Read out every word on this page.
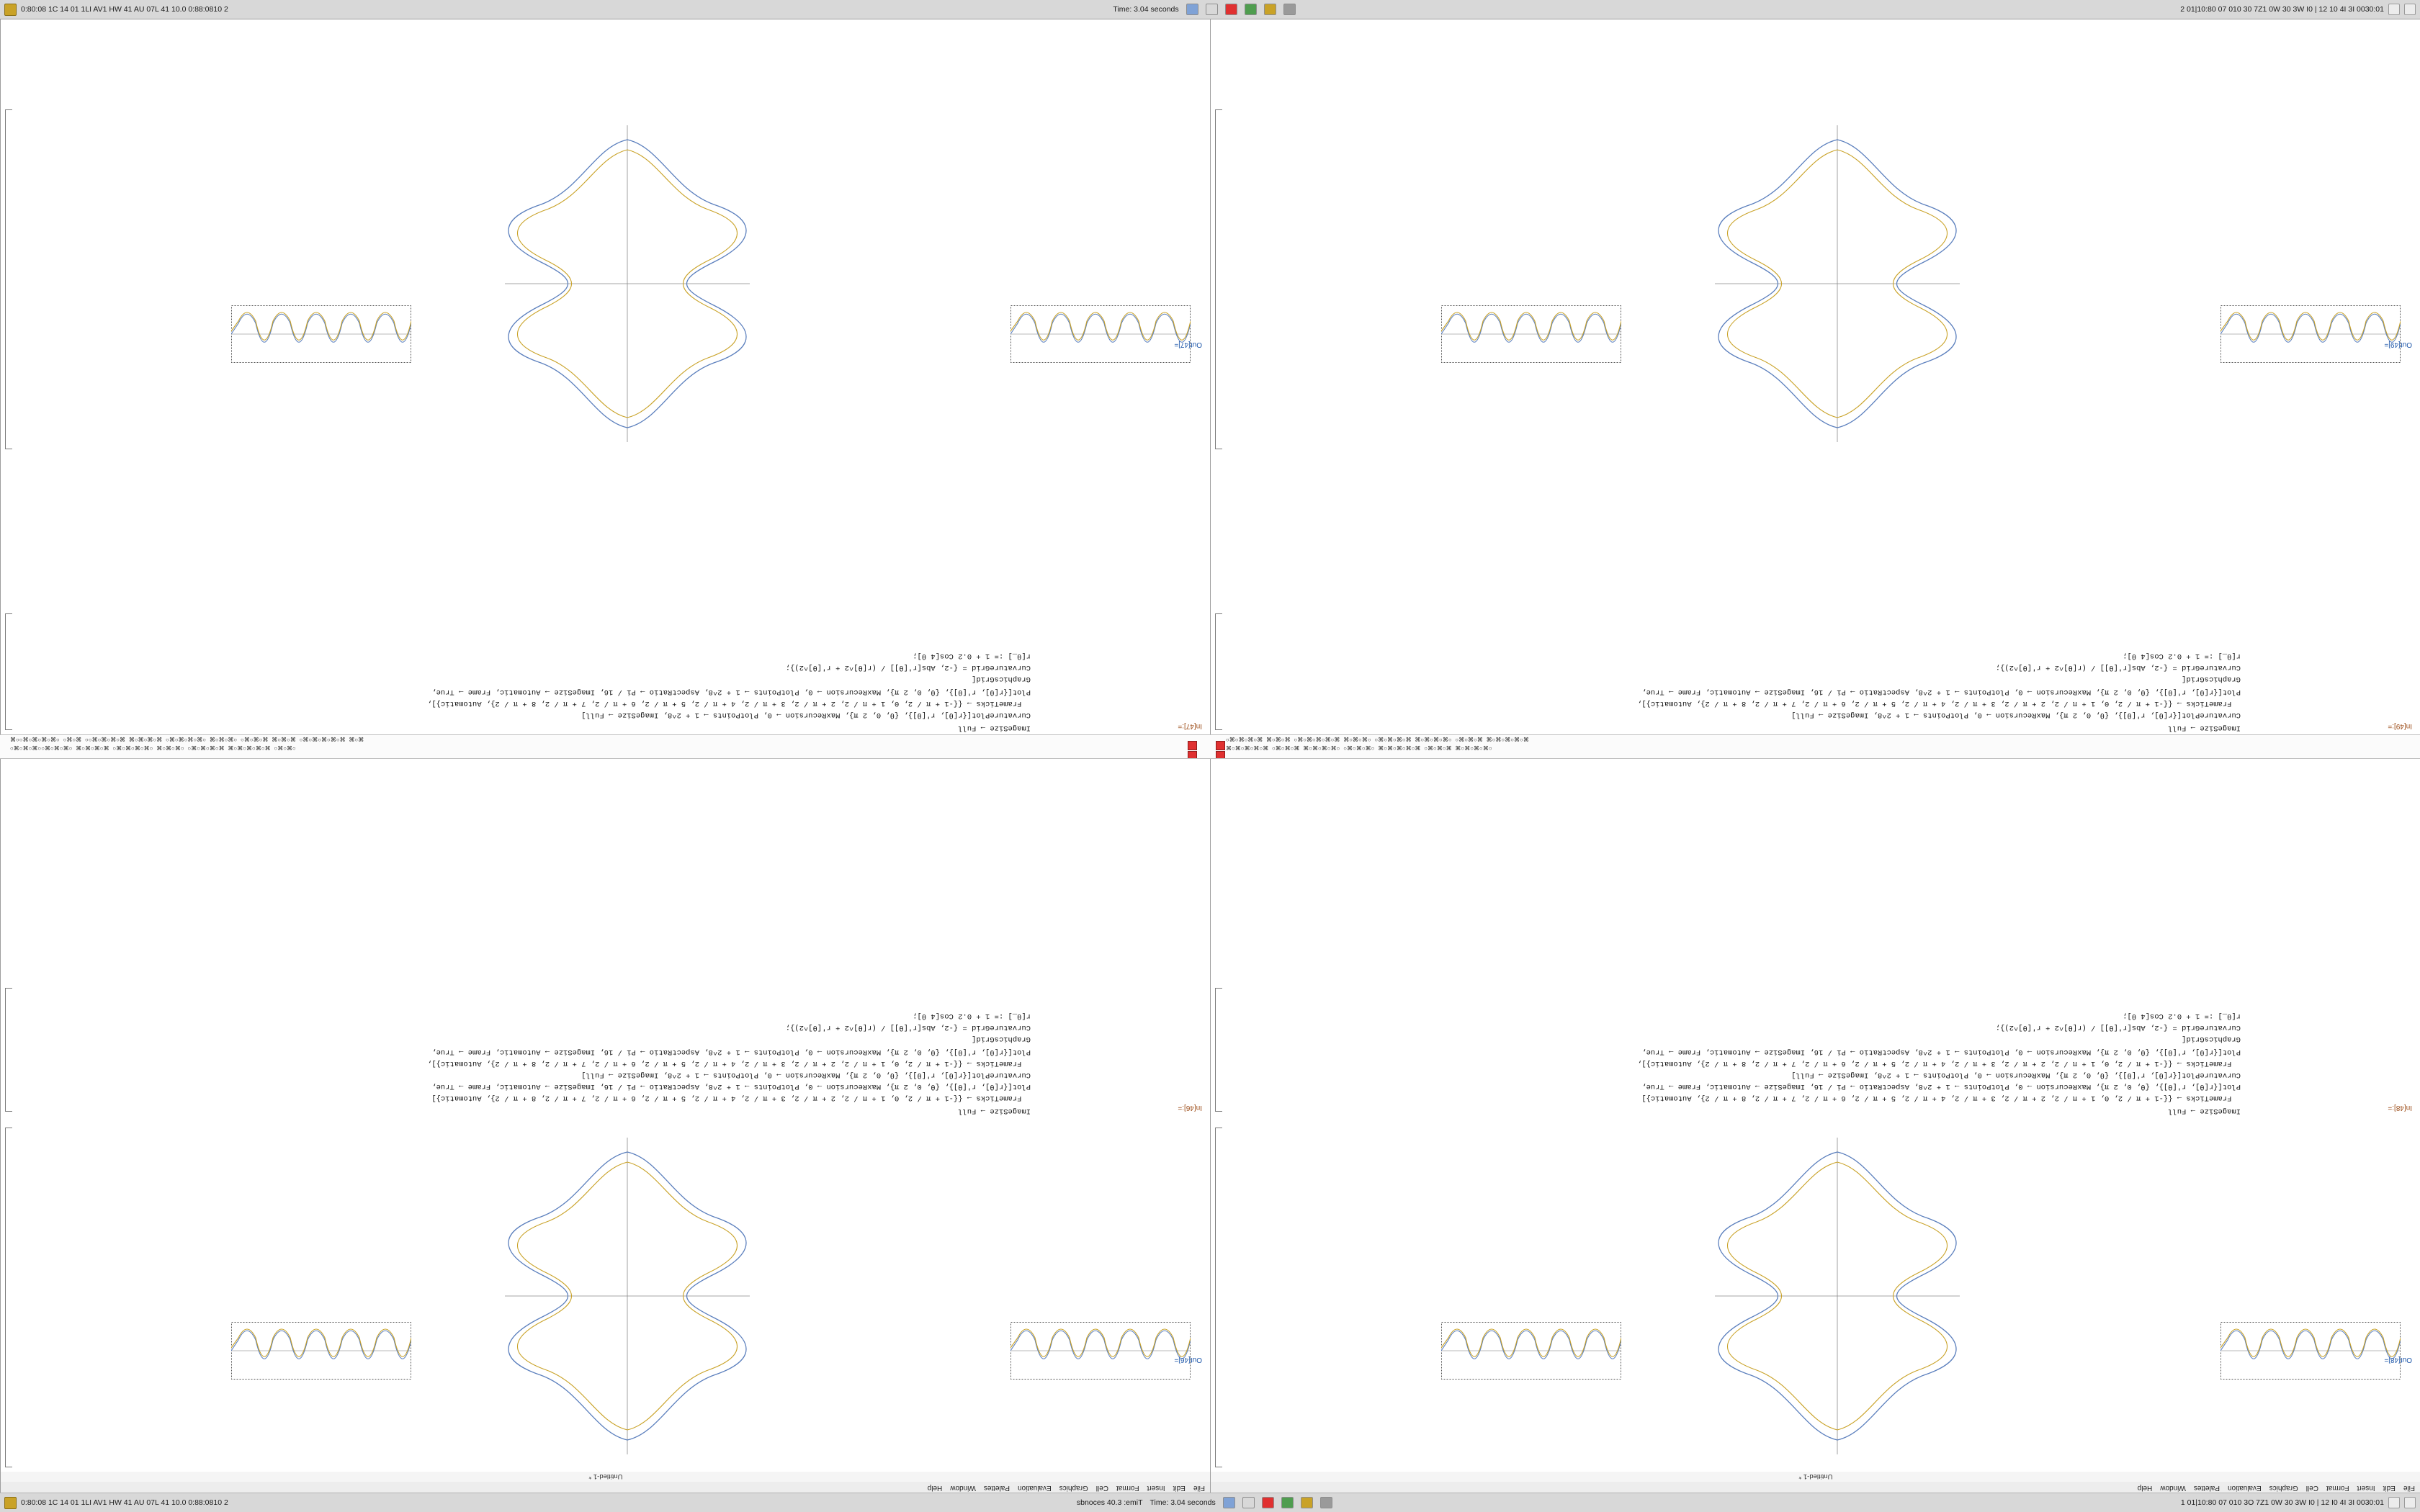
0:80:08 1C 14 01 1LI AV1 HW 41 AU 07L 41 10.0 0:88:0810 2	Time: 3.04 seconds	2 01|10:80 07 010 30 7Z1 0W 30 3W I0 | 12 10 4I 3I 0030:01
File
Edit
Insert
Format
Cell
Graphics
Evaluation
Palettes
Window
Help
Untitled-1 *
Out[46]=
In[46]:=
ImageSize → Full
FrameTicks → {{-1 + π / 2, 0, 1 + π / 2, 2 + π / 2, 3 + π / 2, 4 + π / 2, 5 + π / 2, 6 + π / 2, 7 + π / 2, 8 + π / 2}, Automatic}]
Plot[{r[θ], r'[θ]}, {θ, 0, 2 π}, MaxRecursion → 0, PlotPoints → 1 + 2^8, AspectRatio → Pi / 16, ImageSize → Automatic, Frame → True,
CurvaturePlot[{r[θ], r'[θ]}, {θ, 0, 2 π}, MaxRecursion → 0, PlotPoints → 1 + 2^8, ImageSize → Full]
FrameTicks → {{-1 + π / 2, 0, 1 + π / 2, 2 + π / 2, 3 + π / 2, 4 + π / 2, 5 + π / 2, 6 + π / 2, 7 + π / 2, 8 + π / 2}, Automatic}],
Plot[{r[θ], r'[θ]}, {θ, 0, 2 π}, MaxRecursion → 0, PlotPoints → 1 + 2^8, AspectRatio → Pi / 16, ImageSize → Automatic, Frame → True,
GraphicsGrid[
CurvatureGrid = {-2, Abs[r'[θ]] / (r[θ]^2 + r'[θ]^2)};
r[θ_] := 1 + 0.2 Cos[4 θ];
In[47]:=
ImageSize → Full
CurvaturePlot[{r[θ], r'[θ]}, {θ, 0, 2 π}, MaxRecursion → 0, PlotPoints → 1 + 2^8, ImageSize → Full]
FrameTicks → {{-1 + π / 2, 0, 1 + π / 2, 2 + π / 2, 3 + π / 2, 4 + π / 2, 5 + π / 2, 6 + π / 2, 7 + π / 2, 8 + π / 2}, Automatic}],
Plot[{r[θ], r'[θ]}, {θ, 0, 2 π}, MaxRecursion → 0, PlotPoints → 1 + 2^8, AspectRatio → Pi / 16, ImageSize → Automatic, Frame → True,
GraphicsGrid[
CurvatureGrid = {-2, Abs[r'[θ]] / (r[θ]^2 + r'[θ]^2)};
r[θ_] := 1 + 0.2 Cos[4 θ];
Out[47]=
File
Edit
Insert
Format
Cell
Graphics
Evaluation
Palettes
Window
Help
Untitled-1 *
Out[48]=
In[48]:=
ImageSize → Full
FrameTicks → {{-1 + π / 2, 0, 1 + π / 2, 2 + π / 2, 3 + π / 2, 4 + π / 2, 5 + π / 2, 6 + π / 2, 7 + π / 2, 8 + π / 2}, Automatic}]
Plot[{r[θ], r'[θ]}, {θ, 0, 2 π}, MaxRecursion → 0, PlotPoints → 1 + 2^8, AspectRatio → Pi / 16, ImageSize → Automatic, Frame → True,
CurvaturePlot[{r[θ], r'[θ]}, {θ, 0, 2 π}, MaxRecursion → 0, PlotPoints → 1 + 2^8, ImageSize → Full]
FrameTicks → {{-1 + π / 2, 0, 1 + π / 2, 2 + π / 2, 3 + π / 2, 4 + π / 2, 5 + π / 2, 6 + π / 2, 7 + π / 2, 8 + π / 2}, Automatic}],
Plot[{r[θ], r'[θ]}, {θ, 0, 2 π}, MaxRecursion → 0, PlotPoints → 1 + 2^8, AspectRatio → Pi / 16, ImageSize → Automatic, Frame → True,
GraphicsGrid[
CurvatureGrid = {-2, Abs[r'[θ]] / (r[θ]^2 + r'[θ]^2)};
r[θ_] := 1 + 0.2 Cos[4 θ];
In[49]:=
ImageSize → Full
CurvaturePlot[{r[θ], r'[θ]}, {θ, 0, 2 π}, MaxRecursion → 0, PlotPoints → 1 + 2^8, ImageSize → Full]
FrameTicks → {{-1 + π / 2, 0, 1 + π / 2, 2 + π / 2, 3 + π / 2, 4 + π / 2, 5 + π / 2, 6 + π / 2, 7 + π / 2, 8 + π / 2}, Automatic}],
Plot[{r[θ], r'[θ]}, {θ, 0, 2 π}, MaxRecursion → 0, PlotPoints → 1 + 2^8, AspectRatio → Pi / 16, ImageSize → Automatic, Frame → True,
GraphicsGrid[
CurvatureGrid = {-2, Abs[r'[θ]] / (r[θ]^2 + r'[θ]^2)};
r[θ_] := 1 + 0.2 Cos[4 θ];
Out[49]=
⌘○○⌘○⌘○⌘○⌘○ ○⌘○⌘ ○○⌘○⌘○⌘○⌘ ⌘○⌘○⌘○⌘ ○⌘○⌘○⌘○⌘○ ⌘○⌘○⌘○ ○⌘○⌘○⌘ ⌘○⌘○⌘ ○⌘○⌘○⌘○⌘○⌘ ⌘○⌘
○⌘○⌘○⌘○○⌘○⌘○⌘○ ⌘○⌘○⌘○⌘ ○⌘○⌘○⌘○⌘○ ⌘○⌘○⌘○ ○⌘○⌘○⌘○⌘ ⌘○⌘○⌘○⌘○⌘ ○⌘○⌘○
○⌘○⌘○⌘○⌘ ⌘○⌘○⌘ ○⌘○⌘○⌘○⌘○⌘ ⌘○⌘○⌘○ ○⌘○⌘○⌘○⌘ ⌘○⌘○⌘○⌘○ ○⌘○⌘○⌘ ⌘○⌘○⌘○⌘○⌘
⌘○⌘○⌘○⌘○⌘ ○⌘○⌘○⌘ ⌘○⌘○⌘○⌘○ ○⌘○⌘○⌘○ ⌘○⌘○⌘○⌘○⌘ ○⌘○⌘○⌘ ⌘○⌘○⌘○⌘○
0:80:08 1C 14 01 1LI AV1 HW 41 AU 07L 41 10.0 0:88:0810 2	sbnoces 40.3 :emiT Time: 3.04 seconds	1 01|10:80 07 010 3O 7Z1 0W 30 3W I0 | 12 I0 4I 3I 0030:01
